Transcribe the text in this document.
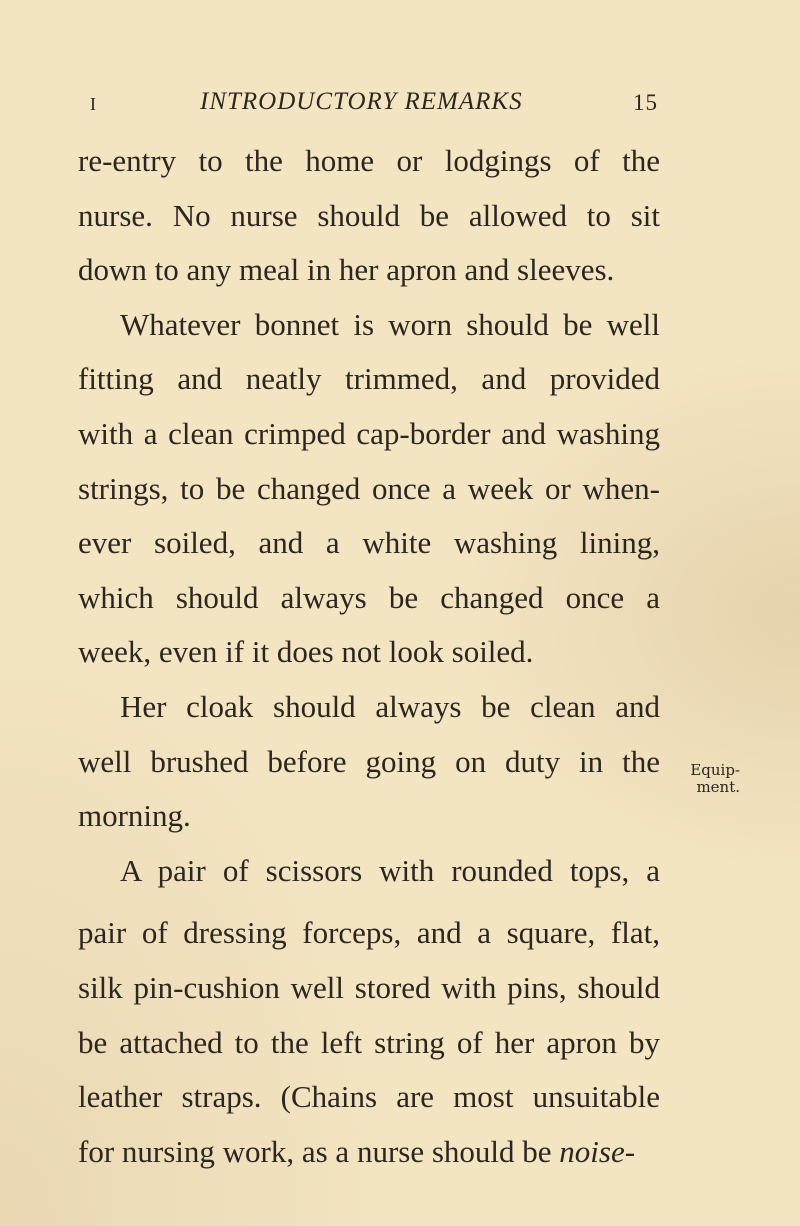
I	INTRODUCTORY REMARKS	15
re-entry to the home or lodgings of the
nurse. No nurse should be allowed to sit
down to any meal in her apron and sleeves.
Whatever bonnet is worn should be well
fitting and neatly trimmed, and provided
with a clean crimped cap-border and washing
strings, to be changed once a week or when-
ever soiled, and a white washing lining,
which should always be changed once a
week, even if it does not look soiled.
Her cloak should always be clean and
well brushed before going on duty in the
morning.
A pair of scissors with rounded tops, a
pair of dressing forceps, and a square, flat,
silk pin-cushion well stored with pins, should
be attached to the left string of her apron by
leather straps. (Chains are most unsuitable
for nursing work, as a nurse should be noise-
Equip-
ment.
